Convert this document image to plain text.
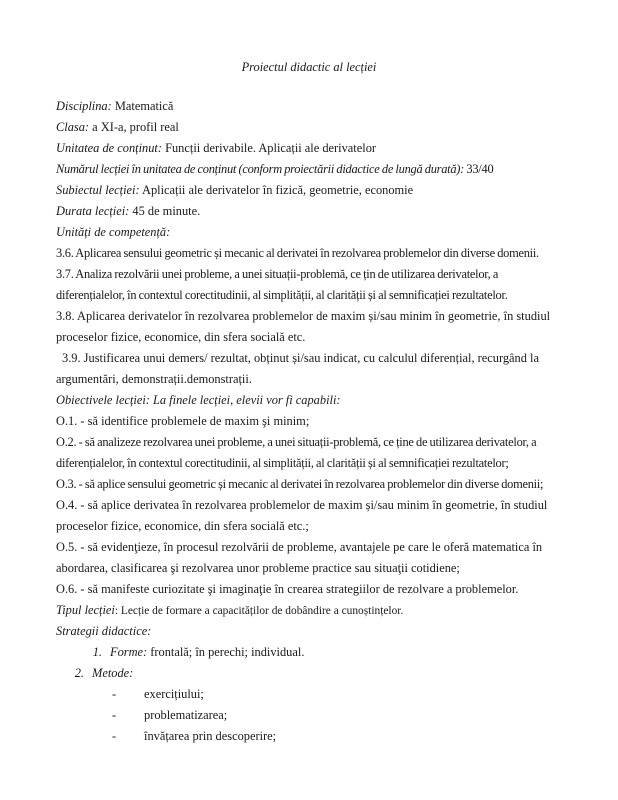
Proiectul didactic al lecției
Disciplina: Matematică
Clasa: a XI-a, profil real
Unitatea de conținut: Funcții derivabile. Aplicații ale derivatelor
Numărul lecției în unitatea de conținut (conform proiectării didactice de lungă durată): 33/40
Subiectul lecției: Aplicații ale derivatelor în fizică, geometrie, economie
Durata lecției: 45 de minute.
Unități de competență:
3.6. Aplicarea sensului geometric și mecanic al derivatei în rezolvarea problemelor din diverse domenii.
3.7. Analiza rezolvării unei probleme, a unei situații-problemă, ce țin de utilizarea derivatelor, a
diferențialelor, în contextul corectitudinii, al simplității, al clarității și al semnificației rezultatelor.
3.8. Aplicarea derivatelor în rezolvarea problemelor de maxim și/sau minim în geometrie, în studiul
proceselor fizice, economice, din sfera socială etc.
3.9. Justificarea unui demers/ rezultat, obținut și/sau indicat, cu calculul diferențial, recurgând la
argumentări, demonstrații.demonstrații.
Obiectivele lecției: La finele lecției, elevii vor fi capabili:
O.1. - să identifice problemele de maxim şi minim;
O.2. - să analizeze rezolvarea unei probleme, a unei situații-problemă, ce ține de utilizarea derivatelor, a
diferențialelor, în contextul corectitudinii, al simplității, al clarității și al semnificației rezultatelor;
O.3. - să aplice sensului geometric și mecanic al derivatei în rezolvarea problemelor din diverse domenii;
O.4. - să aplice derivatea în rezolvarea problemelor de maxim și/sau minim în geometrie, în studiul
proceselor fizice, economice, din sfera socială etc.;
O.5. - să evidenţieze, în procesul rezolvării de probleme, avantajele pe care le oferă matematica în
abordarea, clasificarea şi rezolvarea unor probleme practice sau situaţii cotidiene;
O.6. - să manifeste curiozitate şi imaginaţie în crearea strategiilor de rezolvare a problemelor.
Tipul lecției: Lecție de formare a capacităților de dobândire a cunoștințelor.
Strategii didactice:
1. Forme: frontală; în perechi; individual.
2. Metode:
- exercițiului;
- problematizarea;
- învățarea prin descoperire;
